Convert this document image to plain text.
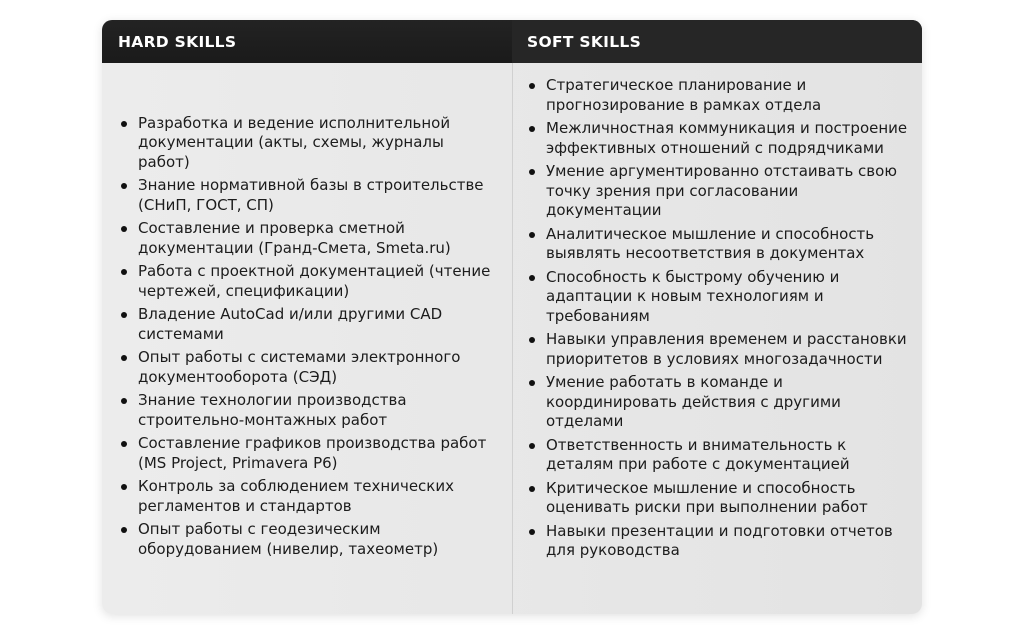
HARD SKILLS	SOFT SKILLS
Разработка и ведение исполнительной документации (акты, схемы, журналы работ)
Знание нормативной базы в строительстве (СНиП, ГОСТ, СП)
Составление и проверка сметной документации (Гранд-Смета, Smeta.ru)
Работа с проектной документацией (чтение чертежей, спецификации)
Владение AutoCad и/или другими CAD системами
Опыт работы с системами электронного документооборота (СЭД)
Знание технологии производства строительно-монтажных работ
Составление графиков производства работ (MS Project, Primavera P6)
Контроль за соблюдением технических регламентов и стандартов
Опыт работы с геодезическим оборудованием (нивелир, тахеометр)
Стратегическое планирование и прогнозирование в рамках отдела
Межличностная коммуникация и построение эффективных отношений с подрядчиками
Умение аргументированно отстаивать свою точку зрения при согласовании документации
Аналитическое мышление и способность выявлять несоответствия в документах
Способность к быстрому обучению и адаптации к новым технологиям и требованиям
Навыки управления временем и расстановки приоритетов в условиях многозадачности
Умение работать в команде и координировать действия с другими отделами
Ответственность и внимательность к деталям при работе с документацией
Критическое мышление и способность оценивать риски при выполнении работ
Навыки презентации и подготовки отчетов для руководства
